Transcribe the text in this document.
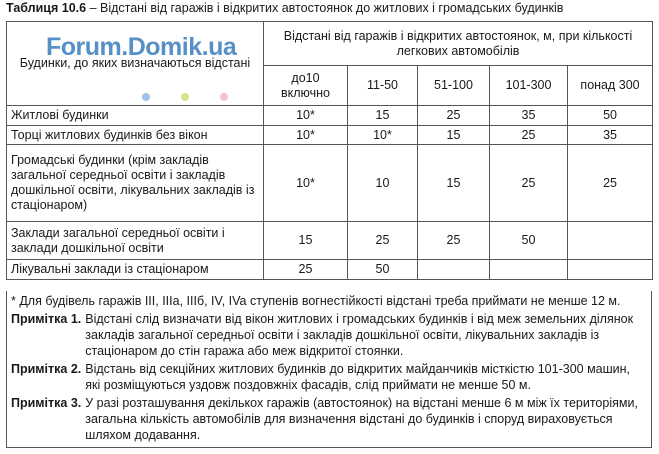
Таблиця 10.6 – Відстані від гаражів і відкритих автостоянок до житлових і громадських будинків
Будинки, до яких визначаються відстані	Відстані від гаражів і відкритих автостоянок, м, при кількості легкових автомобілів				
	до10 включно	11-50	51-100	101-300	понад 300
Житлові будинки	10*	15	25	35	50
Торці житлових будинків без вікон	10*	10*	15	25	35
Громадські будинки (крім закладів загальної середньої освіти і закладів дошкільної освіти, лікувальних закладів із стаціонаром)	10*	10	15	25	25
Заклади загальної середньої освіти і заклади дошкільної освіти	15	25	25	50	
Лікувальні заклади із стаціонаром	25	50			
Forum.Domik.ua
* Для будівель гаражів III, IIIa, IIIб, IV, IVa ступенів вогнестійкості відстані треба приймати не менше 12 м.
Примітка 1. Відстані слід визначати від вікон житлових і громадських будинків і від меж земельних ділянок закладів загальної середньої освіти і закладів дошкільної освіти, лікувальних закладів із стаціонаром до стін гаража або меж відкритої стоянки.
Примітка 2. Відстань від секційних житлових будинків до відкритих майданчиків місткістю 101-300 машин, які розміщуються уздовж поздовжніх фасадів, слід приймати не менше 50 м.
Примітка 3. У разі розташування декількох гаражів (автостоянок) на відстані менше 6 м між їх територіями, загальна кількість автомобілів для визначення відстані до будинків і споруд вираховується шляхом додавання.
